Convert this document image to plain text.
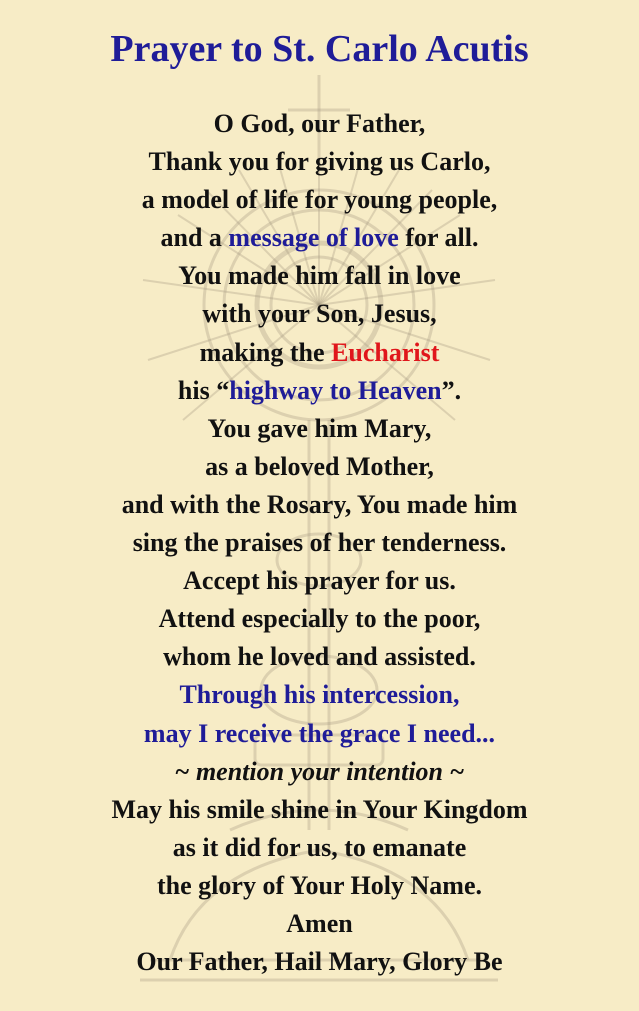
Prayer to St. Carlo Acutis
O God, our Father,
Thank you for giving us Carlo,
a model of life for young people,
and a message of love for all.
You made him fall in love
with your Son, Jesus,
making the Eucharist
his “highway to Heaven”.
You gave him Mary,
as a beloved Mother,
and with the Rosary, You made him
sing the praises of her tenderness.
Accept his prayer for us.
Attend especially to the poor,
whom he loved and assisted.
Through his intercession,
may I receive the grace I need...
~ mention your intention ~
May his smile shine in Your Kingdom
as it did for us, to emanate
the glory of Your Holy Name.
Amen
Our Father, Hail Mary, Glory Be
